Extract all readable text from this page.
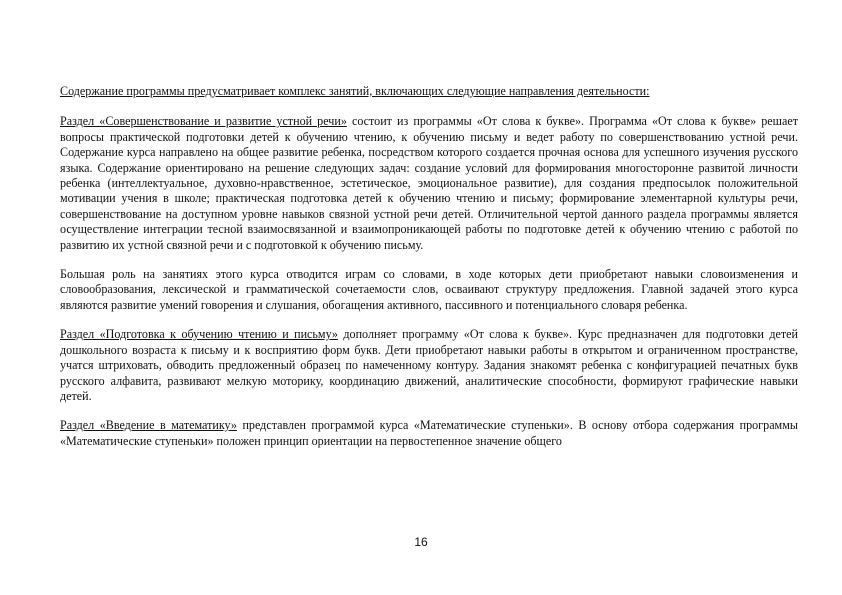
Содержание программы предусматривает комплекс занятий, включающих следующие направления деятельности:

Раздел «Совершенствование и развитие устной речи» состоит из программы «От слова к букве». Программа «От слова к букве» решает вопросы практической подготовки детей к обучению чтению, к обучению письму и ведет работу по совершенствованию устной речи. Содержание курса направлено на общее развитие ребенка, посредством которого создается прочная основа для успешного изучения русского языка. Содержание ориентировано на решение следующих задач: создание условий для формирования многосторонне развитой личности ребенка (интеллектуальное, духовно-нравственное, эстетическое, эмоциональное развитие), для создания предпосылок положительной мотивации учения в школе; практическая подготовка детей к обучению чтению и письму; формирование элементарной культуры речи, совершенствование на доступном уровне навыков связной устной речи детей. Отличительной чертой данного раздела программы является осуществление интеграции тесной взаимосвязанной и взаимопроникающей работы по подготовке детей к обучению чтению с работой по развитию их устной связной речи и с подготовкой к обучению письму.

Большая роль на занятиях этого курса отводится играм со словами, в ходе которых дети приобретают навыки словоизменения и словообразования, лексической и грамматической сочетаемости слов, осваивают структуру предложения. Главной задачей этого курса являются развитие умений говорения и слушания, обогащения активного, пассивного и потенциального словаря ребенка.

Раздел «Подготовка к обучению чтению и письму» дополняет программу «От слова к букве». Курс предназначен для подготовки детей дошкольного возраста к письму и к восприятию форм букв. Дети приобретают навыки работы в открытом и ограниченном пространстве, учатся штриховать, обводить предложенный образец по намеченному контуру. Задания знакомят ребенка с конфигурацией печатных букв русского алфавита, развивают мелкую моторику, координацию движений, аналитические способности, формируют графические навыки детей.

Раздел «Введение в математику» представлен программой курса «Математические ступеньки». В основу отбора содержания программы «Математические ступеньки» положен принцип ориентации на первостепенное значение общего

16
